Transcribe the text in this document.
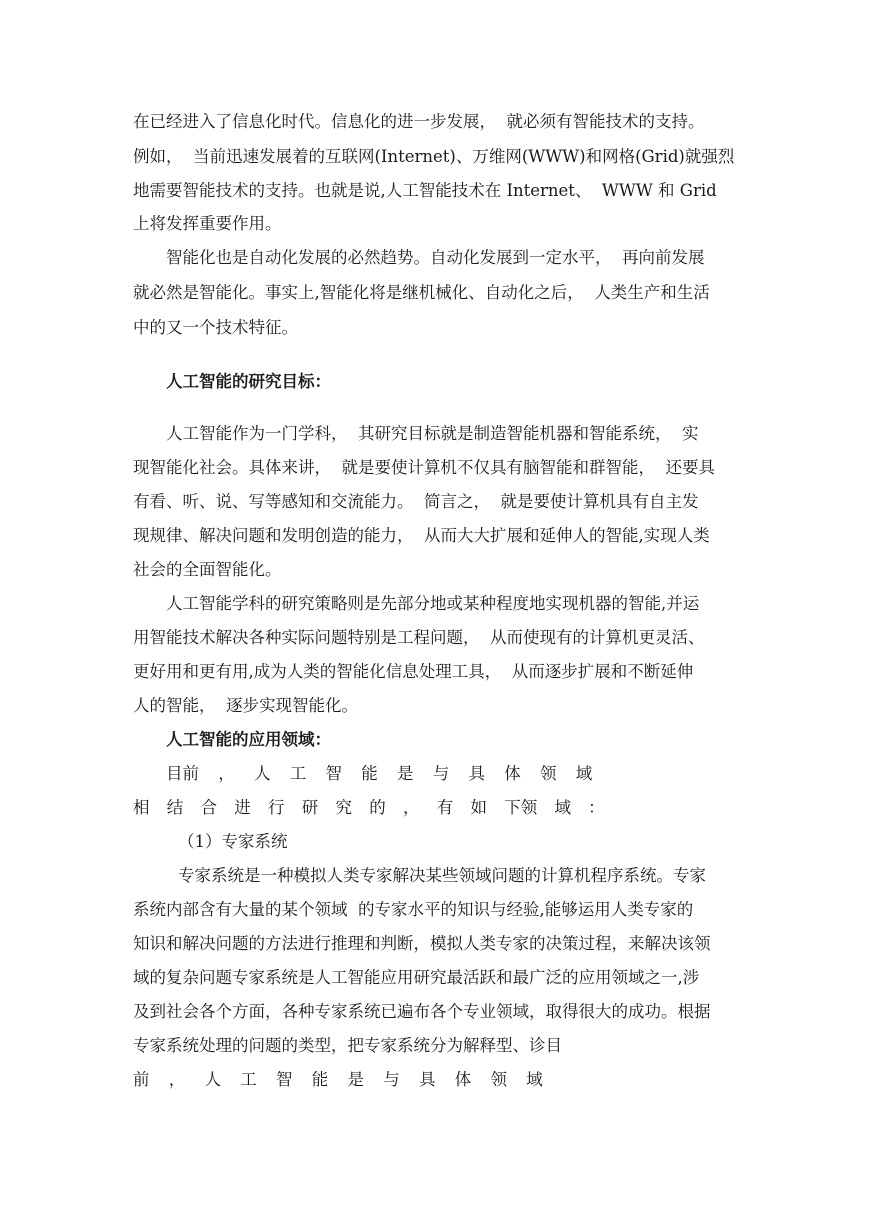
在已经进入了信息化时代。信息化的进一步发展，  就必须有智能技术的支持。
例如，  当前迅速发展着的互联网(Internet)、万维网(WWW)和网格(Grid)就强烈
地需要智能技术的支持。也就是说,人工智能技术在 Internet、  WWW 和 Grid
上将发挥重要作用。
智能化也是自动化发展的必然趋势。自动化发展到一定水平，  再向前发展
就必然是智能化。事实上,智能化将是继机械化、自动化之后，  人类生产和生活
中的又一个技术特征。
人工智能的研究目标：
人工智能作为一门学科，  其研究目标就是制造智能机器和智能系统，  实
现智能化社会。具体来讲，  就是要使计算机不仅具有脑智能和群智能，  还要具
有看、听、说、写等感知和交流能力。  简言之，  就是要使计算机具有自主发
现规律、解决问题和发明创造的能力，  从而大大扩展和延伸人的智能,实现人类
社会的全面智能化。
人工智能学科的研究策略则是先部分地或某种程度地实现机器的智能,并运
用智能技术解决各种实际问题特别是工程问题，  从而使现有的计算机更灵活、
更好用和更有用,成为人类的智能化信息处理工具，  从而逐步扩展和不断延伸
人的智能，  逐步实现智能化。
人工智能的应用领域：
目前 ， 人 工 智 能 是 与 具 体 领 域
相 结 合 进 行 研 究 的 ， 有 如 下领 域 ：
（1）专家系统
专家系统是一种模拟人类专家解决某些领域问题的计算机程序系统。专家
系统内部含有大量的某个领域  的专家水平的知识与经验,能够运用人类专家的
知识和解决问题的方法进行推理和判断，模拟人类专家的决策过程，来解决该领
域的复杂问题专家系统是人工智能应用研究最活跃和最广泛的应用领域之一,涉
及到社会各个方面，各种专家系统已遍布各个专业领域，取得很大的成功。根据
专家系统处理的问题的类型，把专家系统分为解释型、诊目
前 ， 人 工 智 能 是 与 具 体 领 域
